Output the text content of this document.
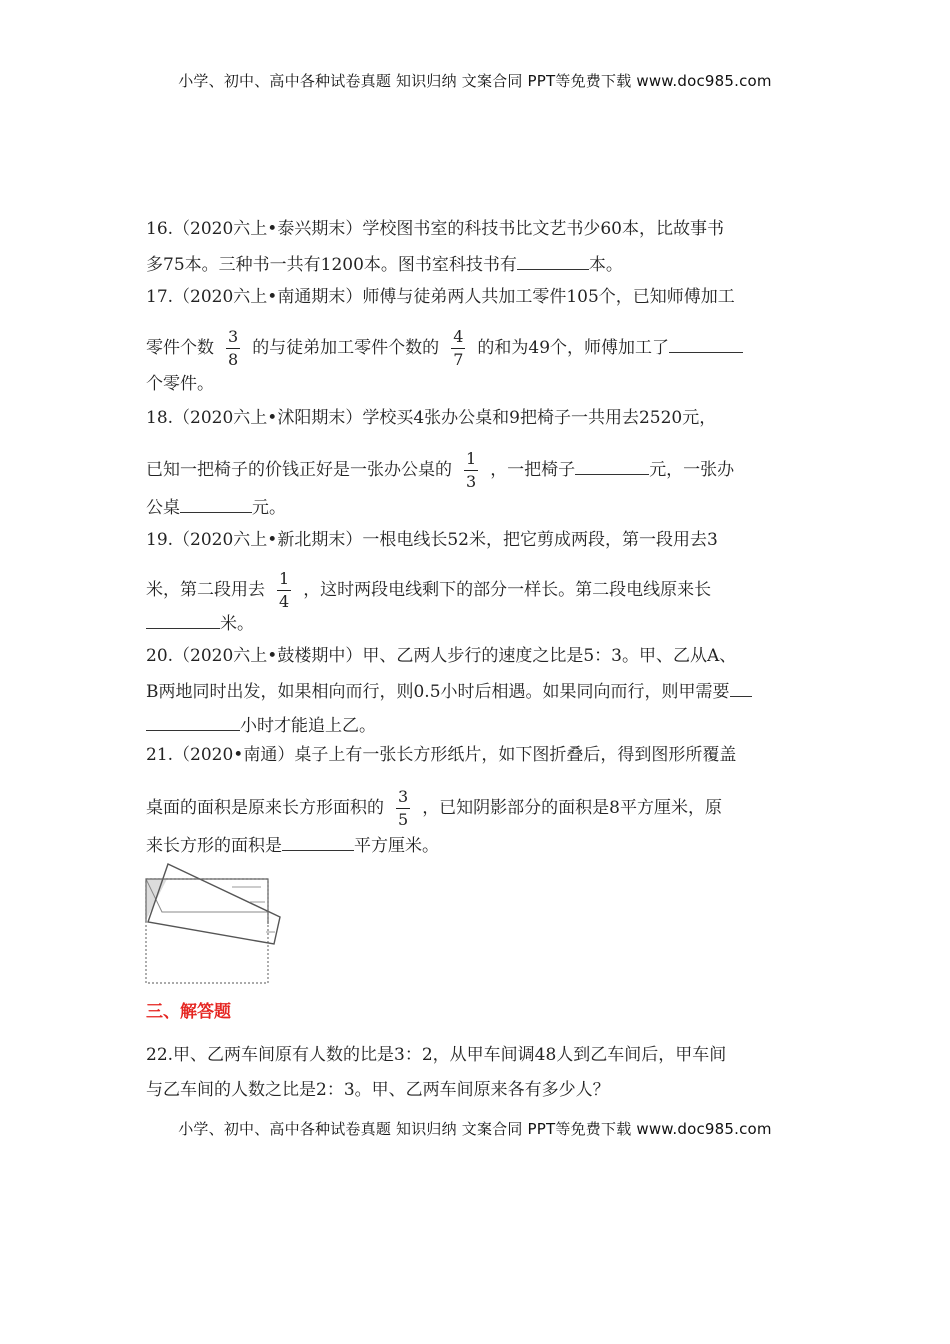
小学、初中、高中各种试卷真题 知识归纳 文案合同 PPT等免费下载 www.doc985.com
16.（2020六上•泰兴期末）学校图书室的科技书比文艺书少60本，比故事书
多75本。三种书一共有1200本。图书室科技书有	本。
17.（2020六上•南通期末）师傅与徒弟两人共加工零件105个，已知师傅加工
零件个数 $\frac{3}{8}$ 的与徒弟加工零件个数的 $\frac{4}{7}$ 的和为49个，师傅加工了
个零件。
18.（2020六上•沭阳期末）学校买4张办公桌和9把椅子一共用去2520元，
已知一把椅子的价钱正好是一张办公桌的 $\frac{1}{3}$ ，一把椅子	元，一张办
公桌	元。
19.（2020六上•新北期末）一根电线长52米，把它剪成两段，第一段用去3
米，第二段用去 $\frac{1}{4}$ ，这时两段电线剩下的部分一样长。第二段电线原来长
米。
20.（2020六上•鼓楼期中）甲、乙两人步行的速度之比是5：3。甲、乙从A、
B两地同时出发，如果相向而行，则0.5小时后相遇。如果同向而行，则甲需要
小时才能追上乙。
21.（2020•南通）桌子上有一张长方形纸片，如下图折叠后，得到图形所覆盖
桌面的面积是原来长方形面积的 $\frac{3}{5}$ ，已知阴影部分的面积是8平方厘米，原
来长方形的面积是	平方厘米。
三、解答题
22.甲、乙两车间原有人数的比是3：2，从甲车间调48人到乙车间后，甲车间
与乙车间的人数之比是2：3。甲、乙两车间原来各有多少人？
小学、初中、高中各种试卷真题 知识归纳 文案合同 PPT等免费下载 www.doc985.com
